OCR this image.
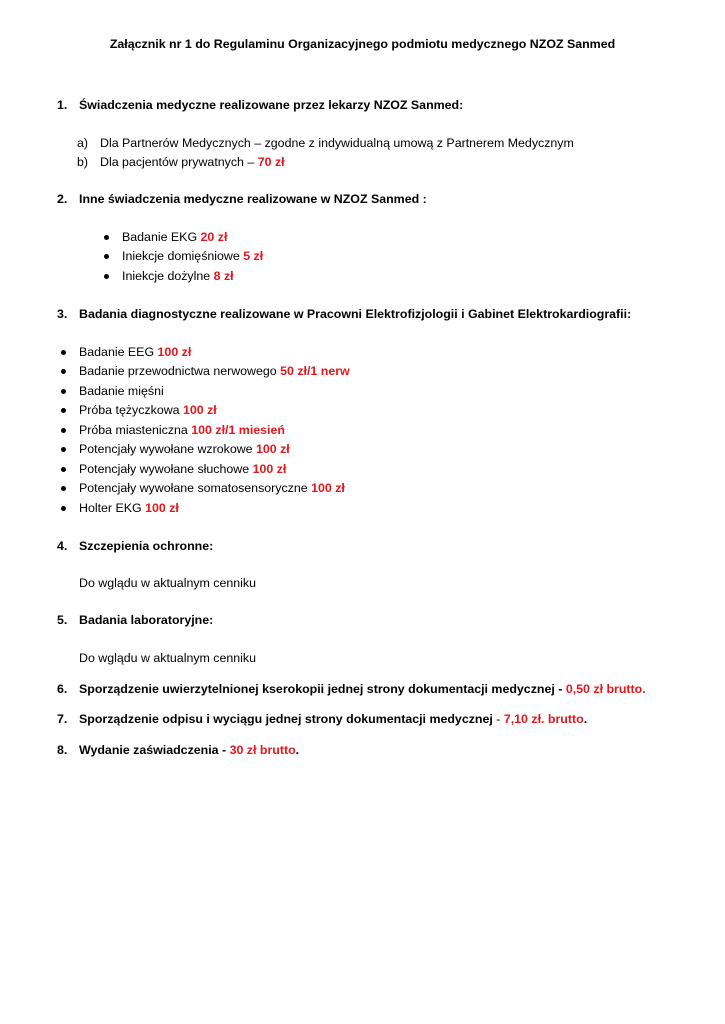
Załącznik nr 1 do Regulaminu Organizacyjnego podmiotu medycznego NZOZ Sanmed
1. Świadczenia medyczne realizowane przez lekarzy NZOZ Sanmed:
a) Dla Partnerów Medycznych – zgodne z indywidualną umową z Partnerem Medycznym
b) Dla pacjentów prywatnych – 70 zł
2. Inne świadczenia medyczne realizowane w NZOZ Sanmed :
Badanie EKG 20 zł
Iniekcje domięśniowe 5 zł
Iniekcje dożylne 8 zł
3. Badania diagnostyczne realizowane w Pracowni Elektrofizjologii i Gabinet Elektrokardiografii:
Badanie EEG 100 zł
Badanie przewodnictwa nerwowego 50 zł/1 nerw
Badanie mięśni
Próba tężyczkowa 100 zł
Próba miasteniczna 100 zł/1 miesień
Potencjały wywołane wzrokowe 100 zł
Potencjały wywołane słuchowe 100 zł
Potencjały wywołane somatosensoryczne 100 zł
Holter EKG 100 zł
4. Szczepienia ochronne:
Do wglądu w aktualnym cenniku
5. Badania laboratoryjne:
Do wglądu w aktualnym cenniku
6. Sporządzenie uwierzytelnionej kserokopii jednej strony dokumentacji medycznej - 0,50 zł brutto.
7. Sporządzenie odpisu i wyciągu jednej strony dokumentacji medycznej - 7,10 zł. brutto.
8. Wydanie zaświadczenia - 30 zł brutto.
